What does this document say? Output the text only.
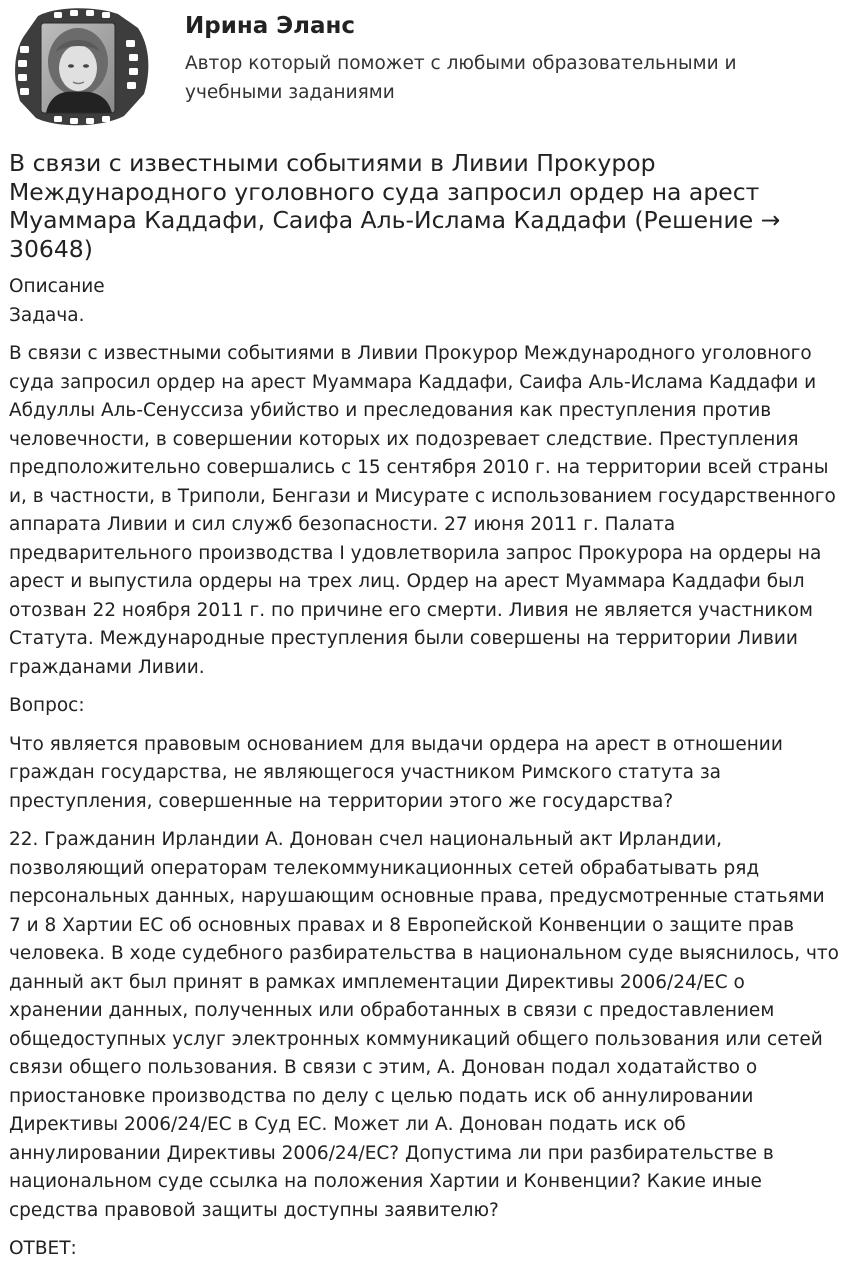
Ирина Эланс
Автор который поможет с любыми образовательными и учебными заданиями
В связи с известными событиями в Ливии Прокурор Международного уголовного суда запросил ордер на арест Муаммара Каддафи, Саифа Аль-Ислама Каддафи (Решение → 30648)

Описание

Задача.

В связи с известными событиями в Ливии Прокурор Международного уголовного суда запросил ордер на арест Муаммара Каддафи, Саифа Аль-Ислама Каддафи и Абдуллы Аль-Сенуссиза убийство и преследования как преступления против человечности, в совершении которых их подозревает следствие. Преступления предположительно совершались с 15 сентября 2010 г. на территории всей страны и, в частности, в Триполи, Бенгази и Мисурате с использованием государственного аппарата Ливии и сил служб безопасности. 27 июня 2011 г. Палата предварительного производства I удовлетворила запрос Прокурора на ордеры на арест и выпустила ордеры на трех лиц. Ордер на арест Муаммара Каддафи был отозван 22 ноября 2011 г. по причине его смерти. Ливия не является участником Статута. Международные преступления были совершены на территории Ливии гражданами Ливии.

Вопрос:

Что является правовым основанием для выдачи ордера на арест в отношении граждан государства, не являющегося участником Римского статута за преступления, совершенные на территории этого же государства?

22. Гражданин Ирландии А. Донован счел национальный акт Ирландии, позволяющий операторам телекоммуникационных сетей обрабатывать ряд персональных данных, нарушающим основные права, предусмотренные статьями 7 и 8 Хартии ЕС об основных правах и 8 Европейской Конвенции о защите прав человека. В ходе судебного разбирательства в национальном суде выяснилось, что данный акт был принят в рамках имплементации Директивы 2006/24/ЕС о хранении данных, полученных или обработанных в связи с предоставлением общедоступных услуг электронных коммуникаций общего пользования или сетей связи общего пользования. В связи с этим, А. Донован подал ходатайство о приостановке производства по делу с целью подать иск об аннулировании Директивы 2006/24/ЕС в Суд ЕС. Может ли А. Донован подать иск об аннулировании Директивы 2006/24/ЕС? Допустима ли при разбирательстве в национальном суде ссылка на положения Хартии и Конвенции? Какие иные средства правовой защиты доступны заявителю?

ОТВЕТ:
